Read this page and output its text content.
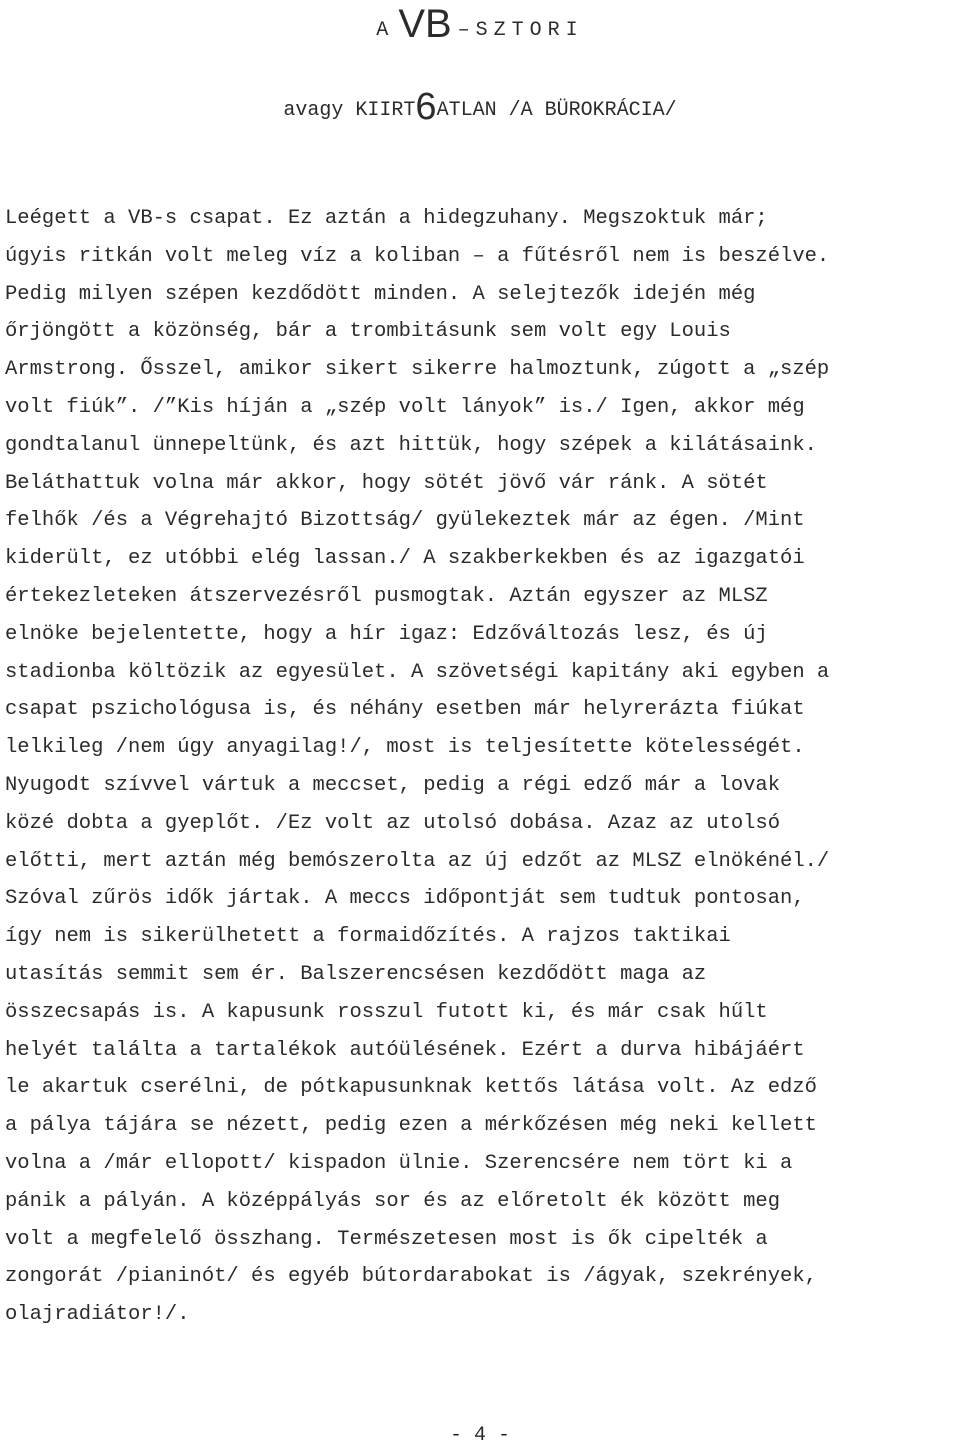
A VB –SZTORI
avagy KIIRT6ATLAN /A BÜROKRÁCIA/
Leégett a VB-s csapat. Ez aztán a hidegzuhany. Megszoktuk már;
úgyis ritkán volt meleg víz a koliban – a fűtésről nem is beszélve.
Pedig milyen szépen kezdődött minden. A selejtezők idején még
őrjöngött a közönség, bár a trombitásunk sem volt egy Louis
Armstrong. Ősszel, amikor sikert sikerre halmoztunk, zúgott a „szép
volt fiúk”. /”Kis híján a „szép volt lányok” is./ Igen, akkor még
gondtalanul ünnepeltünk, és azt hittük, hogy szépek a kilátásaink.
Beláthattuk volna már akkor, hogy sötét jövő vár ránk. A sötét
felhők /és a Végrehajtó Bizottság/ gyülekeztek már az égen. /Mint
kiderült, ez utóbbi elég lassan./ A szakberkekben és az igazgatói
értekezleteken átszervezésről pusmogtak. Aztán egyszer az MLSZ
elnöke bejelentette, hogy a hír igaz: Edzőváltozás lesz, és új
stadionba költözik az egyesület. A szövetségi kapitány aki egyben a
csapat pszichológusa is, és néhány esetben már helyrerázta fiúkat
lelkileg /nem úgy anyagilag!/, most is teljesítette kötelességét.
Nyugodt szívvel vártuk a meccset, pedig a régi edző már a lovak
közé dobta a gyeplőt. /Ez volt az utolsó dobása. Azaz az utolsó
előtti, mert aztán még bemószerolta az új edzőt az MLSZ elnökénél./
Szóval zűrös idők jártak. A meccs időpontját sem tudtuk pontosan,
így nem is sikerülhetett a formaidőzítés. A rajzos taktikai
utasítás semmit sem ér. Balszerencsésen kezdődött maga az
összecsapás is. A kapusunk rosszul futott ki, és már csak hűlt
helyét találta a tartalékok autóülésének. Ezért a durva hibájáért
le akartuk cserélni, de pótkapusunknak kettős látása volt. Az edző
a pálya tájára se nézett, pedig ezen a mérkőzésen még neki kellett
volna a /már ellopott/ kispadon ülnie. Szerencsére nem tört ki a
pánik a pályán. A középpályás sor és az előretolt ék között meg
volt a megfelelő összhang. Természetesen most is ők cipelték a
zongorát /pianinót/ és egyéb bútordarabokat is /ágyak, szekrények,
olajradiátor!/.
- 4 -
